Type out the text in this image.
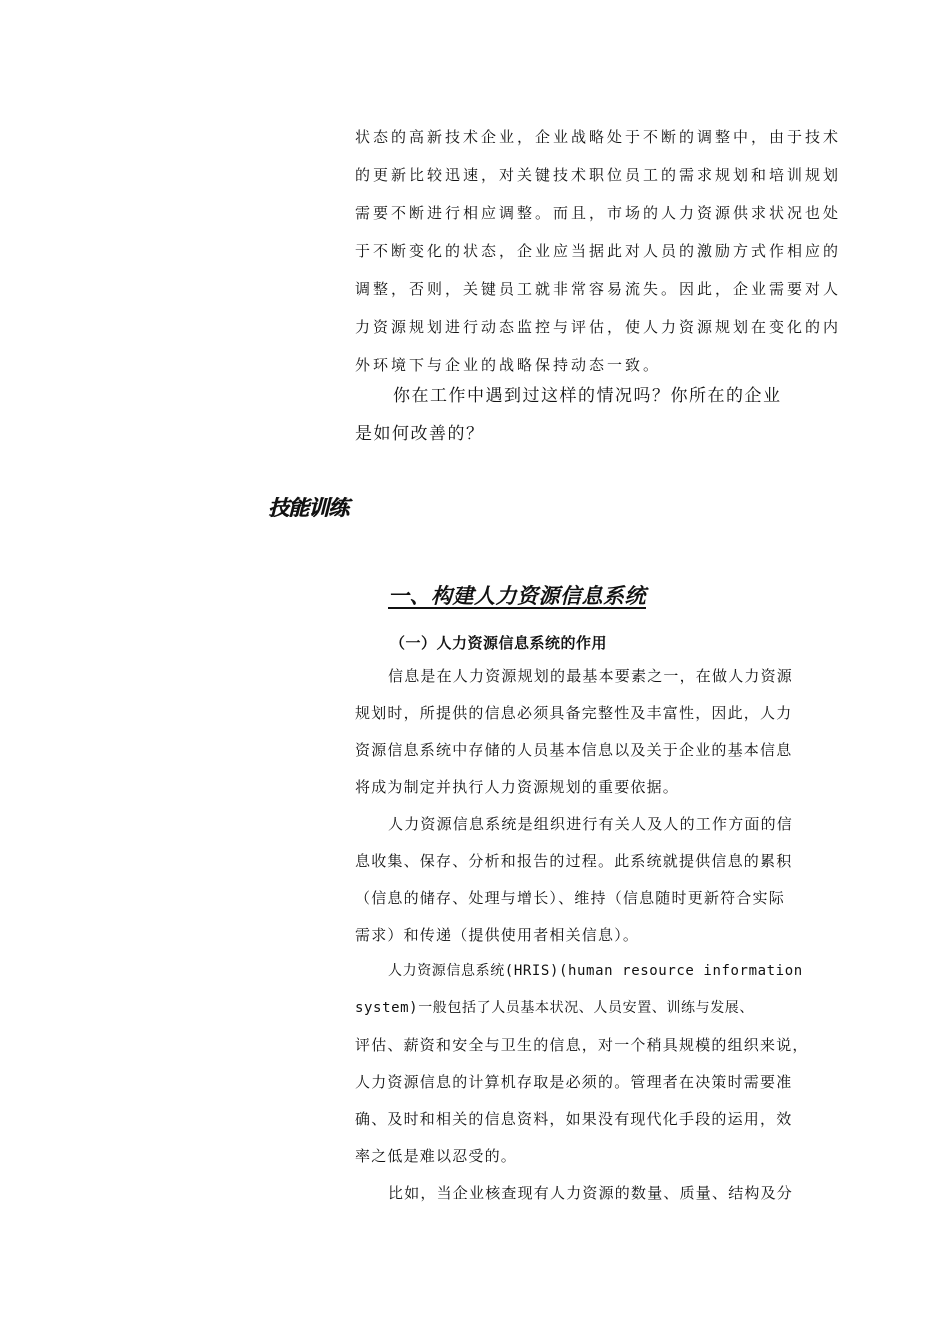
状态的高新技术企业，企业战略处于不断的调整中，由于技术
的更新比较迅速，对关键技术职位员工的需求规划和培训规划
需要不断进行相应调整。而且，市场的人力资源供求状况也处
于不断变化的状态，企业应当据此对人员的激励方式作相应的
调整，否则，关键员工就非常容易流失。因此，企业需要对人
力资源规划进行动态监控与评估，使人力资源规划在变化的内
外环境下与企业的战略保持动态一致。
你在工作中遇到过这样的情况吗？你所在的企业
是如何改善的？
技能训练
一、构建人力资源信息系统
（一）人力资源信息系统的作用
信息是在人力资源规划的最基本要素之一，在做人力资源
规划时，所提供的信息必须具备完整性及丰富性，因此，人力
资源信息系统中存储的人员基本信息以及关于企业的基本信息
将成为制定并执行人力资源规划的重要依据。
人力资源信息系统是组织进行有关人及人的工作方面的信
息收集、保存、分析和报告的过程。此系统就提供信息的累积
（信息的储存、处理与增长）、维持（信息随时更新符合实际
需求）和传递（提供使用者相关信息）。
人力资源信息系统(HRIS)(human resource information
system)一般包括了人员基本状况、人员安置、训练与发展、
评估、薪资和安全与卫生的信息，对一个稍具规模的组织来说，
人力资源信息的计算机存取是必须的。管理者在决策时需要准
确、及时和相关的信息资料，如果没有现代化手段的运用，效
率之低是难以忍受的。
比如，当企业核查现有人力资源的数量、质量、结构及分
